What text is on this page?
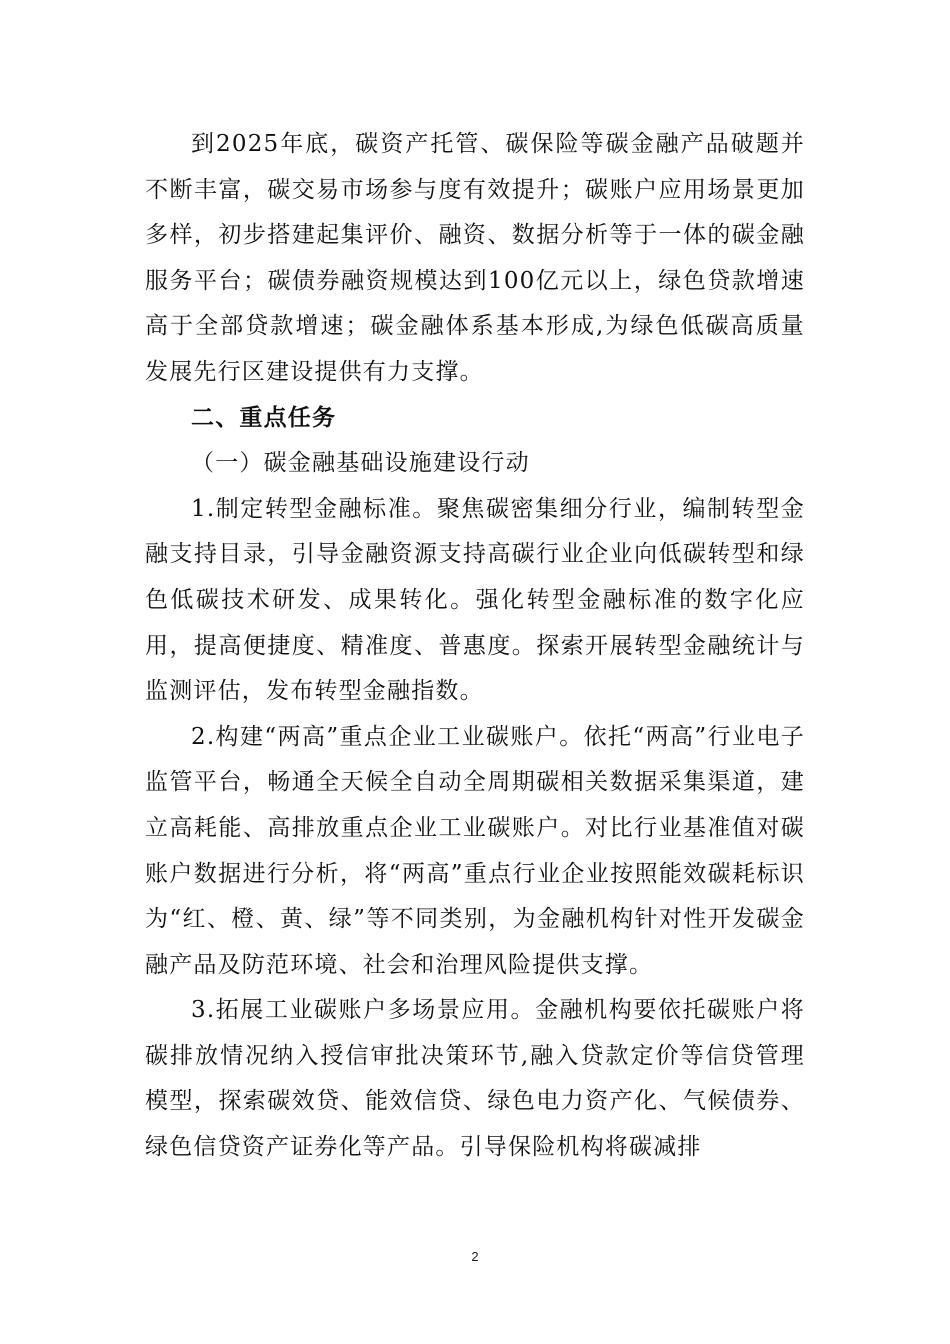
到2025年底，碳资产托管、碳保险等碳金融产品破题并不断丰富，碳交易市场参与度有效提升；碳账户应用场景更加多样，初步搭建起集评价、融资、数据分析等于一体的碳金融服务平台；碳债券融资规模达到100亿元以上，绿色贷款增速高于全部贷款增速；碳金融体系基本形成,为绿色低碳高质量发展先行区建设提供有力支撑。

二、重点任务

（一）碳金融基础设施建设行动

1.制定转型金融标准。聚焦碳密集细分行业，编制转型金融支持目录，引导金融资源支持高碳行业企业向低碳转型和绿色低碳技术研发、成果转化。强化转型金融标准的数字化应用，提高便捷度、精准度、普惠度。探索开展转型金融统计与监测评估，发布转型金融指数。

2.构建“两高”重点企业工业碳账户。依托“两高”行业电子监管平台，畅通全天候全自动全周期碳相关数据采集渠道，建立高耗能、高排放重点企业工业碳账户。对比行业基准值对碳账户数据进行分析，将“两高”重点行业企业按照能效碳耗标识为“红、橙、黄、绿”等不同类别，为金融机构针对性开发碳金融产品及防范环境、社会和治理风险提供支撑。

3.拓展工业碳账户多场景应用。金融机构要依托碳账户将碳排放情况纳入授信审批决策环节,融入贷款定价等信贷管理模型，探索碳效贷、能效信贷、绿色电力资产化、气候债券、绿色信贷资产证券化等产品。引导保险机构将碳减排

2
